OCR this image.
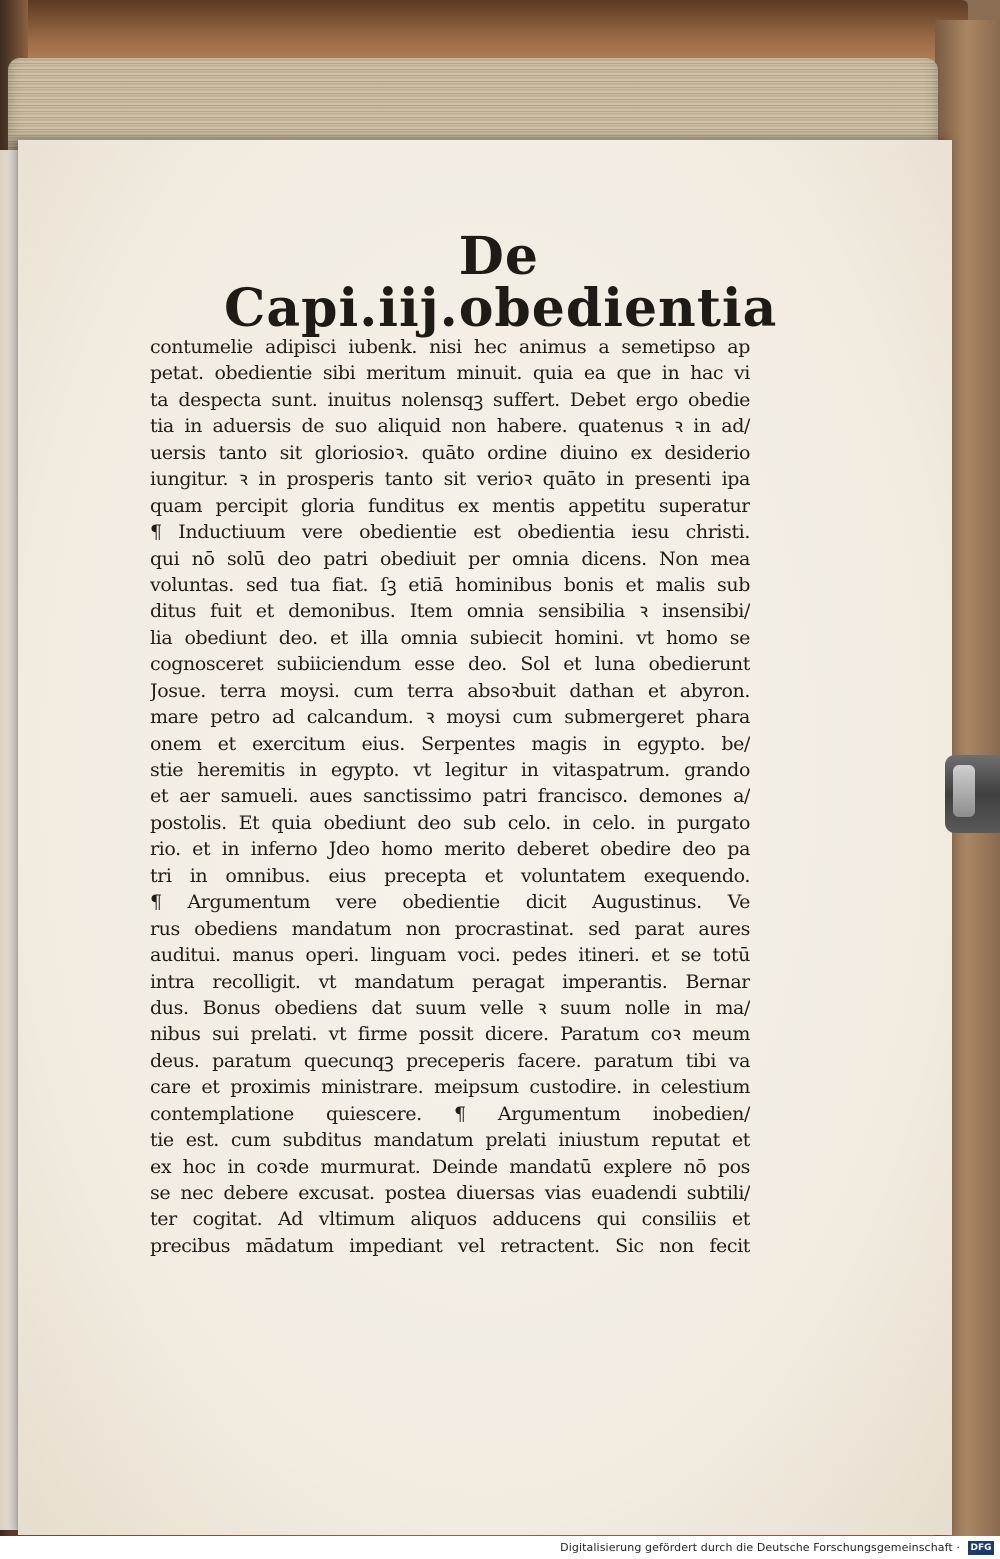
Capi.iij.
De obedientia
contumelie adipisci iubenk. nisi hec animus a semetipso ap
petat. obedientie sibi meritum minuit. quia ea que in hac vi
ta despecta sunt. inuitus nolensqꝫ suffert. Debet ergo obedie
tia in aduersis de suo aliquid non habere. quatenus ꝛ in ad/
uersis tanto sit gloriosioꝛ. quāto ordine diuino ex desiderio
iungitur. ꝛ in prosperis tanto sit verioꝛ quāto in presenti ipa
quam percipit gloria funditus ex mentis appetitu superatur
¶ Inductiuum vere obedientie est obedientia iesu christi.
qui nō solū deo patri obediuit per omnia dicens. Non mea
voluntas. sed tua fiat. ſꝫ etiā hominibus bonis et malis sub
ditus fuit et demonibus. Item omnia sensibilia ꝛ insensibi/
lia obediunt deo. et illa omnia subiecit homini. vt homo se
cognosceret subiiciendum esse deo. Sol et luna obedierunt
Josue. terra moysi. cum terra absoꝛbuit dathan et abyron.
mare petro ad calcandum. ꝛ moysi cum submergeret phara
onem et exercitum eius. Serpentes magis in egypto. be/
stie heremitis in egypto. vt legitur in vitaspatrum. grando
et aer samueli. aues sanctissimo patri francisco. demones a/
postolis. Et quia obediunt deo sub celo. in celo. in purgato
rio. et in inferno Jdeo homo merito deberet obedire deo pa
tri in omnibus. eius precepta et voluntatem exequendo.
¶ Argumentum vere obedientie dicit Augustinus. Ve
rus obediens mandatum non procrastinat. sed parat aures
auditui. manus operi. linguam voci. pedes itineri. et se totū
intra recolligit. vt mandatum peragat imperantis. Bernar
dus. Bonus obediens dat suum velle ꝛ suum nolle in ma/
nibus sui prelati. vt firme possit dicere. Paratum coꝛ meum
deus. paratum quecunqꝫ preceperis facere. paratum tibi va
care et proximis ministrare. meipsum custodire. in celestium
contemplatione quiescere. ¶ Argumentum inobedien/
tie est. cum subditus mandatum prelati iniustum reputat et
ex hoc in coꝛde murmurat. Deinde mandatū explere nō pos
se nec debere excusat. postea diuersas vias euadendi subtili/
ter cogitat. Ad vltimum aliquos adducens qui consiliis et
precibus mādatum impediant vel retractent. Sic non fecit
Digitalisierung gefördert durch die Deutsche Forschungsgemeinschaft ·	DFG
